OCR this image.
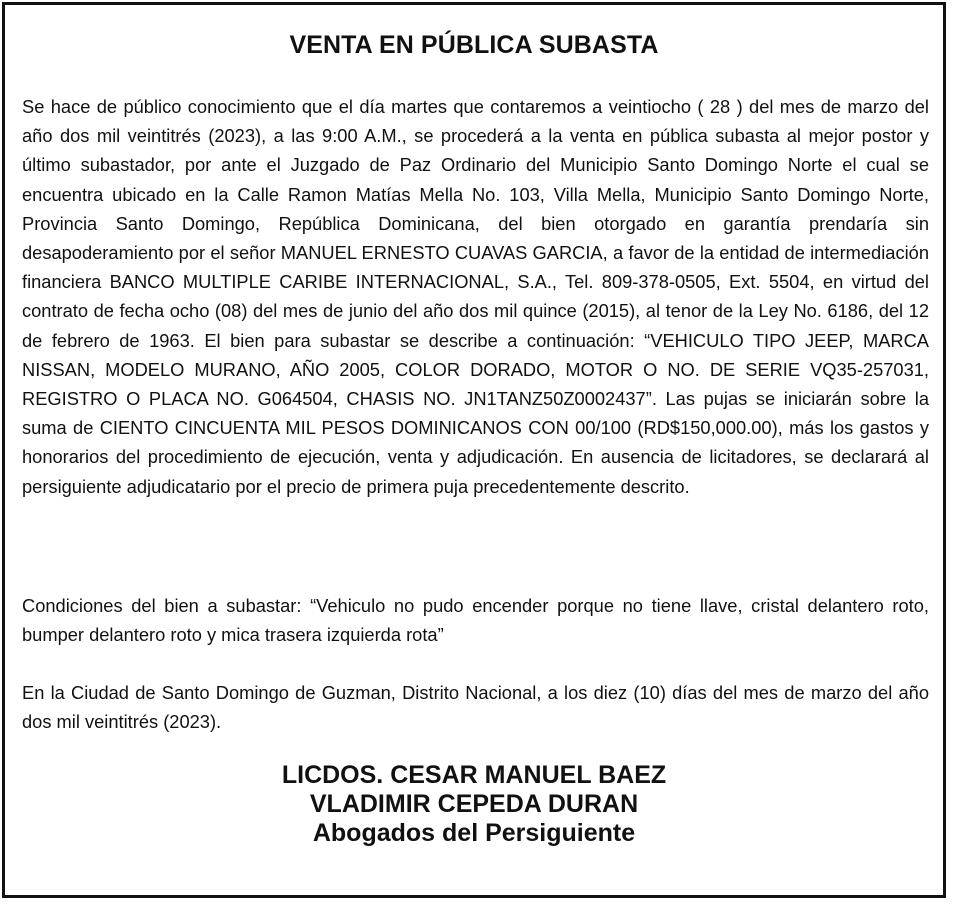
VENTA EN PÚBLICA SUBASTA
Se hace de público conocimiento que el día martes que contaremos a veintiocho ( 28 ) del mes de marzo del año dos mil veintitrés (2023), a las 9:00 A.M., se procederá a la venta en pública subasta al mejor postor y último subastador, por ante el Juzgado de Paz Ordinario del Municipio Santo Domingo Norte el cual se encuentra ubicado en la Calle Ramon Matías Mella No. 103, Villa Mella, Municipio Santo Domingo Norte, Provincia Santo Domingo, República Dominicana, del bien otorgado en garantía prendaría sin desapoderamiento por el señor MANUEL ERNESTO CUAVAS GARCIA, a favor de la entidad de intermediación financiera BANCO MULTIPLE CARIBE INTERNACIONAL, S.A., Tel. 809-378-0505, Ext. 5504, en virtud del contrato de fecha ocho (08) del mes de junio del año dos mil quince (2015), al tenor de la Ley No. 6186, del 12 de febrero de 1963. El bien para subastar se describe a continuación: “VEHICULO TIPO JEEP, MARCA NISSAN, MODELO MURANO, AÑO 2005, COLOR DORADO, MOTOR O NO. DE SERIE VQ35-257031, REGISTRO O PLACA NO. G064504, CHASIS NO. JN1TANZ50Z0002437”. Las pujas se iniciarán sobre la suma de CIENTO CINCUENTA MIL PESOS DOMINICANOS CON 00/100 (RD$150,000.00), más los gastos y honorarios del procedimiento de ejecución, venta y adjudicación. En ausencia de licitadores, se declarará al persiguiente adjudicatario por el precio de primera puja precedentemente descrito.
Condiciones del bien a subastar: “Vehiculo no pudo encender porque no tiene llave, cristal delantero roto, bumper delantero roto y mica trasera izquierda rota”
En la Ciudad de Santo Domingo de Guzman, Distrito Nacional, a los diez (10) días del mes de marzo del año dos mil veintitrés (2023).
LICDOS. CESAR MANUEL BAEZ
VLADIMIR CEPEDA DURAN
Abogados del Persiguiente
